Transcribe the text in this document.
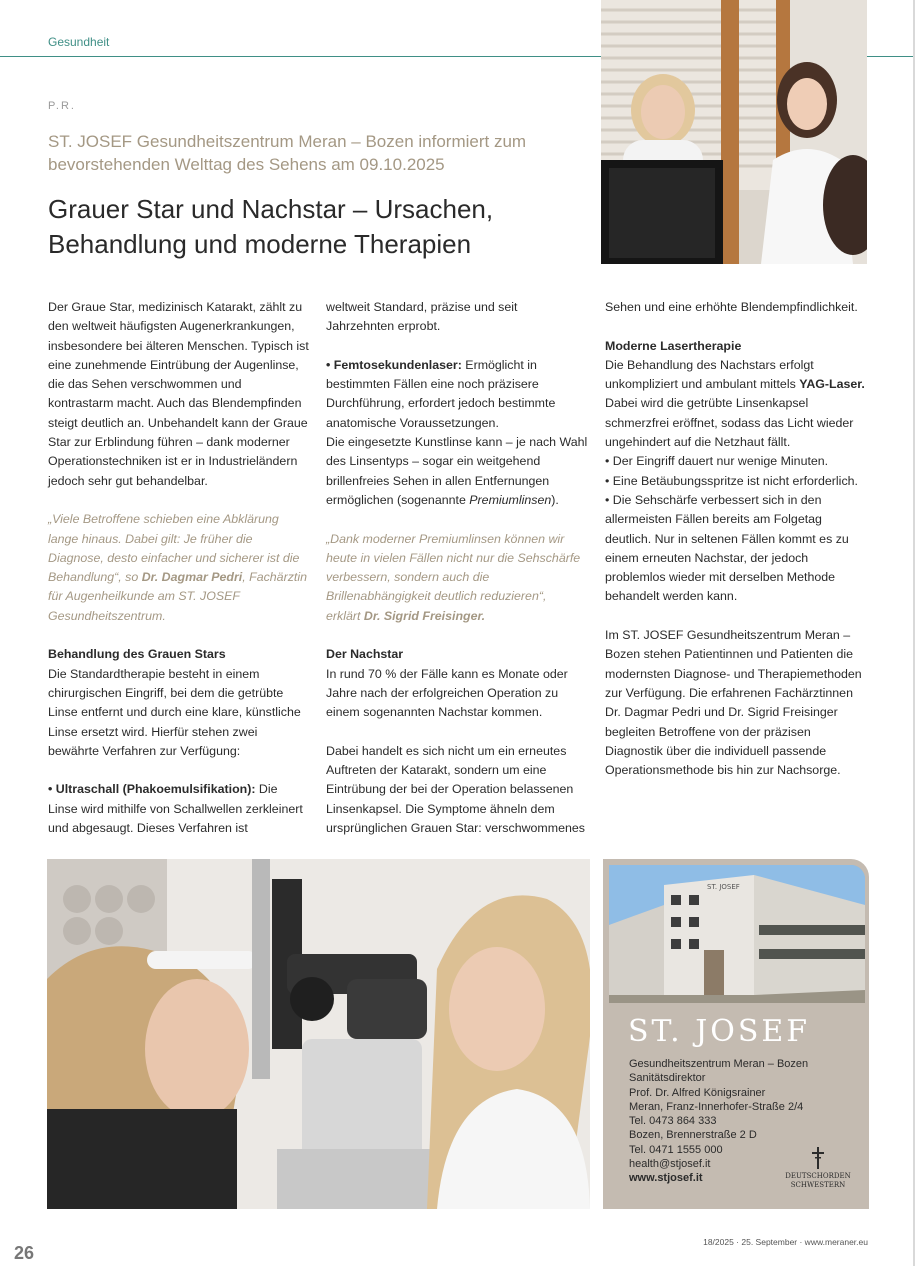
Gesundheit
P.R.
ST. JOSEF Gesundheitszentrum Meran – Bozen informiert zum bevorstehenden Welttag des Sehens am 09.10.2025
Grauer Star und Nachstar – Ursachen, Behandlung und moderne Therapien

Der Graue Star, medizinisch Katarakt, zählt zu den weltweit häufigsten Augenerkrankungen, insbesondere bei älteren Menschen. Typisch ist eine zunehmende Eintrübung der Augenlinse, die das Sehen verschwommen und kontrastarm macht. Auch das Blendempfinden steigt deutlich an. Unbehandelt kann der Graue Star zur Erblindung führen – dank moderner Operationstechniken ist er in Industrieländern jedoch sehr gut behandelbar.

„Viele Betroffene schieben eine Abklärung lange hinaus. Dabei gilt: Je früher die Diagnose, desto einfacher und sicherer ist die Behandlung“, so Dr. Dagmar Pedri, Fachärztin für Augenheilkunde am ST. JOSEF Gesundheitszentrum.

Behandlung des Grauen Stars

Die Standardtherapie besteht in einem chirurgischen Eingriff, bei dem die getrübte Linse entfernt und durch eine klare, künstliche Linse ersetzt wird. Hierfür stehen zwei bewährte Verfahren zur Verfügung:

• Ultraschall (Phakoemulsifikation): Die Linse wird mithilfe von Schallwellen zerkleinert und abgesaugt. Dieses Verfahren ist

weltweit Standard, präzise und seit Jahrzehnten erprobt.

• Femtosekundenlaser: Ermöglicht in bestimmten Fällen eine noch präzisere Durchführung, erfordert jedoch bestimmte anatomische Voraussetzungen.

Die eingesetzte Kunstlinse kann – je nach Wahl des Linsentyps – sogar ein weitgehend brillenfreies Sehen in allen Entfernungen ermöglichen (sogenannte Premiumlinsen).

„Dank moderner Premiumlinsen können wir heute in vielen Fällen nicht nur die Sehschärfe verbessern, sondern auch die Brillenabhängigkeit deutlich reduzieren“,
erklärt Dr. Sigrid Freisinger.

Der Nachstar

In rund 70 % der Fälle kann es Monate oder Jahre nach der erfolgreichen Operation zu einem sogenannten Nachstar kommen.

Dabei handelt es sich nicht um ein erneutes Auftreten der Katarakt, sondern um eine Eintrübung der bei der Operation belassenen Linsenkapsel. Die Symptome ähneln dem ursprünglichen Grauen Star: verschwommenes

Sehen und eine erhöhte Blendempfindlichkeit.

Moderne Lasertherapie

Die Behandlung des Nachstars erfolgt unkompliziert und ambulant mittels YAG-Laser. Dabei wird die getrübte Linsenkapsel schmerzfrei eröffnet, sodass das Licht wieder ungehindert auf die Netzhaut fällt.

• Der Eingriff dauert nur wenige Minuten.

• Eine Betäubungsspritze ist nicht erforderlich.

• Die Sehschärfe verbessert sich in den allermeisten Fällen bereits am Folgetag deutlich. Nur in seltenen Fällen kommt es zu einem erneuten Nachstar, der jedoch problemlos wieder mit derselben Methode behandelt werden kann.

Im ST. JOSEF Gesundheitszentrum Meran – Bozen stehen Patientinnen und Patienten die modernsten Diagnose- und Therapiemethoden zur Verfügung. Die erfahrenen Fachärztinnen Dr. Dagmar Pedri und Dr. Sigrid Freisinger begleiten Betroffene von der präzisen Diagnostik über die individuell passende Operationsmethode bis hin zur Nachsorge.

ST. JOSEF
ST. JOSEF
Gesundheitszentrum Meran – Bozen
Sanitätsdirektor
Prof. Dr. Alfred Königsrainer
Meran, Franz-Innerhofer-Straße 2/4
Tel. 0473 864 333
Bozen, Brennerstraße 2 D
Tel. 0471 1555 000
health@stjosef.it
www.stjosef.it	DEUTSCHORDEN
SCHWESTERN
26
18/2025 · 25. September · www.meraner.eu
